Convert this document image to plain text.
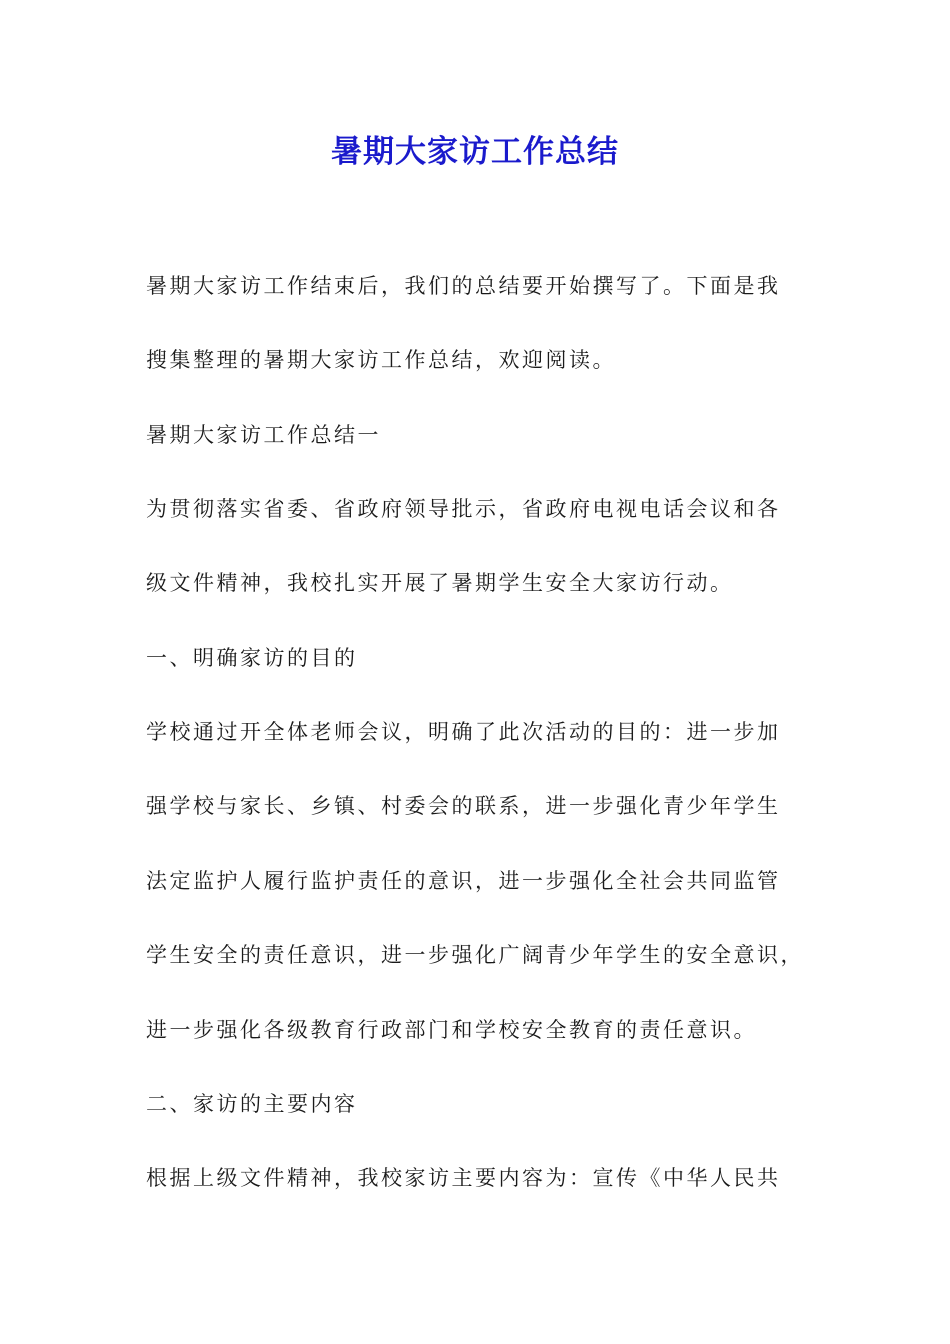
暑期大家访工作总结
暑期大家访工作结束后，我们的总结要开始撰写了。下面是我
搜集整理的暑期大家访工作总结，欢迎阅读。
暑期大家访工作总结一
为贯彻落实省委、省政府领导批示，省政府电视电话会议和各
级文件精神，我校扎实开展了暑期学生安全大家访行动。
一、明确家访的目的
学校通过开全体老师会议，明确了此次活动的目的：进一步加
强学校与家长、乡镇、村委会的联系，进一步强化青少年学生
法定监护人履行监护责任的意识，进一步强化全社会共同监管
学生安全的责任意识，进一步强化广阔青少年学生的安全意识，
进一步强化各级教育行政部门和学校安全教育的责任意识。
二、家访的主要内容
根据上级文件精神，我校家访主要内容为：宣传《中华人民共
